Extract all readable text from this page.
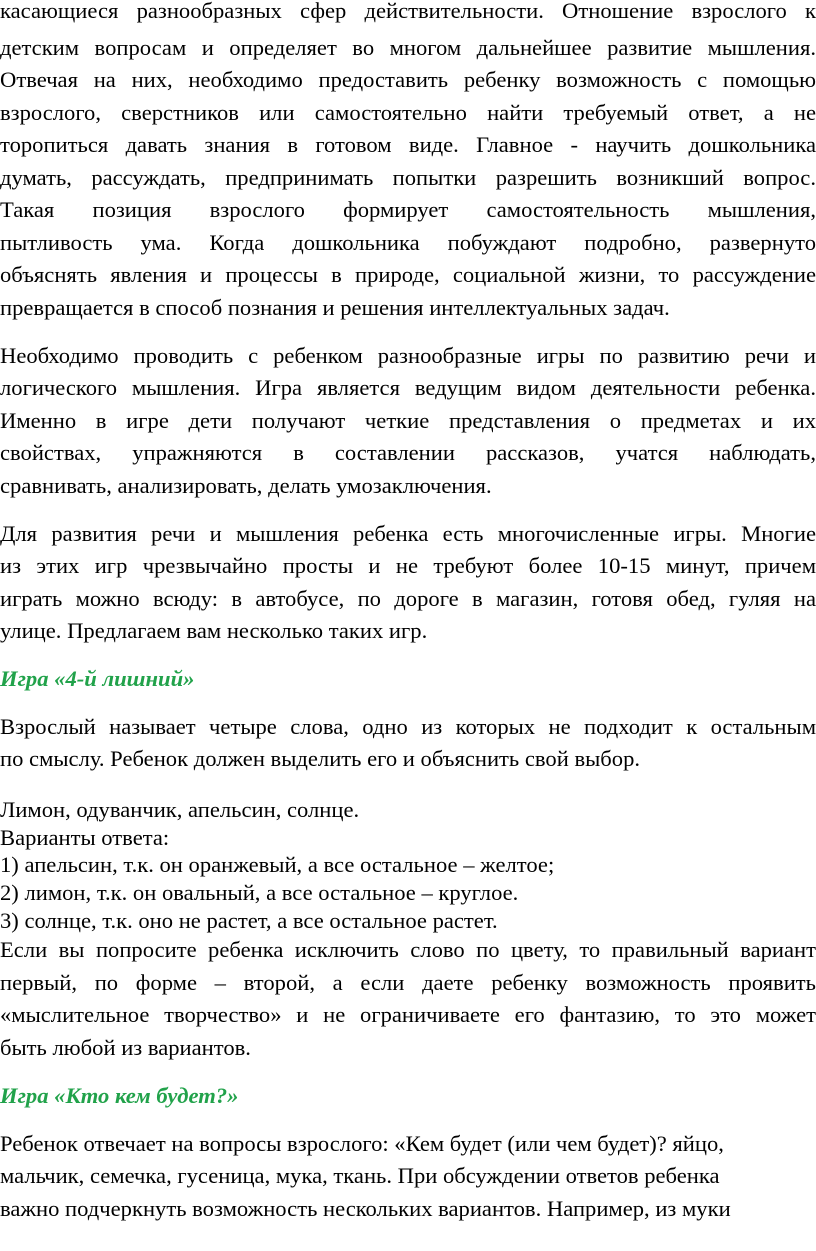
касающиеся разнообразных сфер действительности. Отношение взрослого к
детским вопросам и определяет во многом дальнейшее развитие мышления.
Отвечая на них, необходимо предоставить ребенку возможность с помощью
взрослого, сверстников или самостоятельно найти требуемый ответ, а не
торопиться давать знания в готовом виде. Главное - научить дошкольника
думать, рассуждать, предпринимать попытки разрешить возникший вопрос.
Такая позиция взрослого формирует самостоятельность мышления,
пытливость ума. Когда дошкольника побуждают подробно, развернуто
объяснять явления и процессы в природе, социальной жизни, то рассуждение
превращается в способ познания и решения интеллектуальных задач.
Необходимо проводить с ребенком разнообразные игры по развитию речи и
логического мышления. Игра является ведущим видом деятельности ребенка.
Именно в игре дети получают четкие представления о предметах и их
свойствах, упражняются в составлении рассказов, учатся наблюдать,
сравнивать, анализировать, делать умозаключения.
Для развития речи и мышления ребенка есть многочисленные игры. Многие
из этих игр чрезвычайно просты и не требуют более 10-15 минут, причем
играть можно всюду: в автобусе, по дороге в магазин, готовя обед, гуляя на
улице. Предлагаем вам несколько таких игр.
Игра «4-й лишний»
Взрослый называет четыре слова, одно из которых не подходит к остальным
по смыслу. Ребенок должен выделить его и объяснить свой выбор.
Лимон, одуванчик, апельсин, солнце.
Варианты ответа:
1) апельсин, т.к. он оранжевый, а все остальное – желтое;
2) лимон, т.к. он овальный, а все остальное – круглое.
3) солнце, т.к. оно не растет, а все остальное растет.
Если вы попросите ребенка исключить слово по цвету, то правильный вариант
первый, по форме – второй, а если даете ребенку возможность проявить
«мыслительное творчество» и не ограничиваете его фантазию, то это может
быть любой из вариантов.
Игра «Кто кем будет?»
Ребенок отвечает на вопросы взрослого: «Кем будет (или чем будет)? яйцо,
мальчик, семечка, гусеница, мука, ткань. При обсуждении ответов ребенка
важно подчеркнуть возможность нескольких вариантов. Например, из муки
